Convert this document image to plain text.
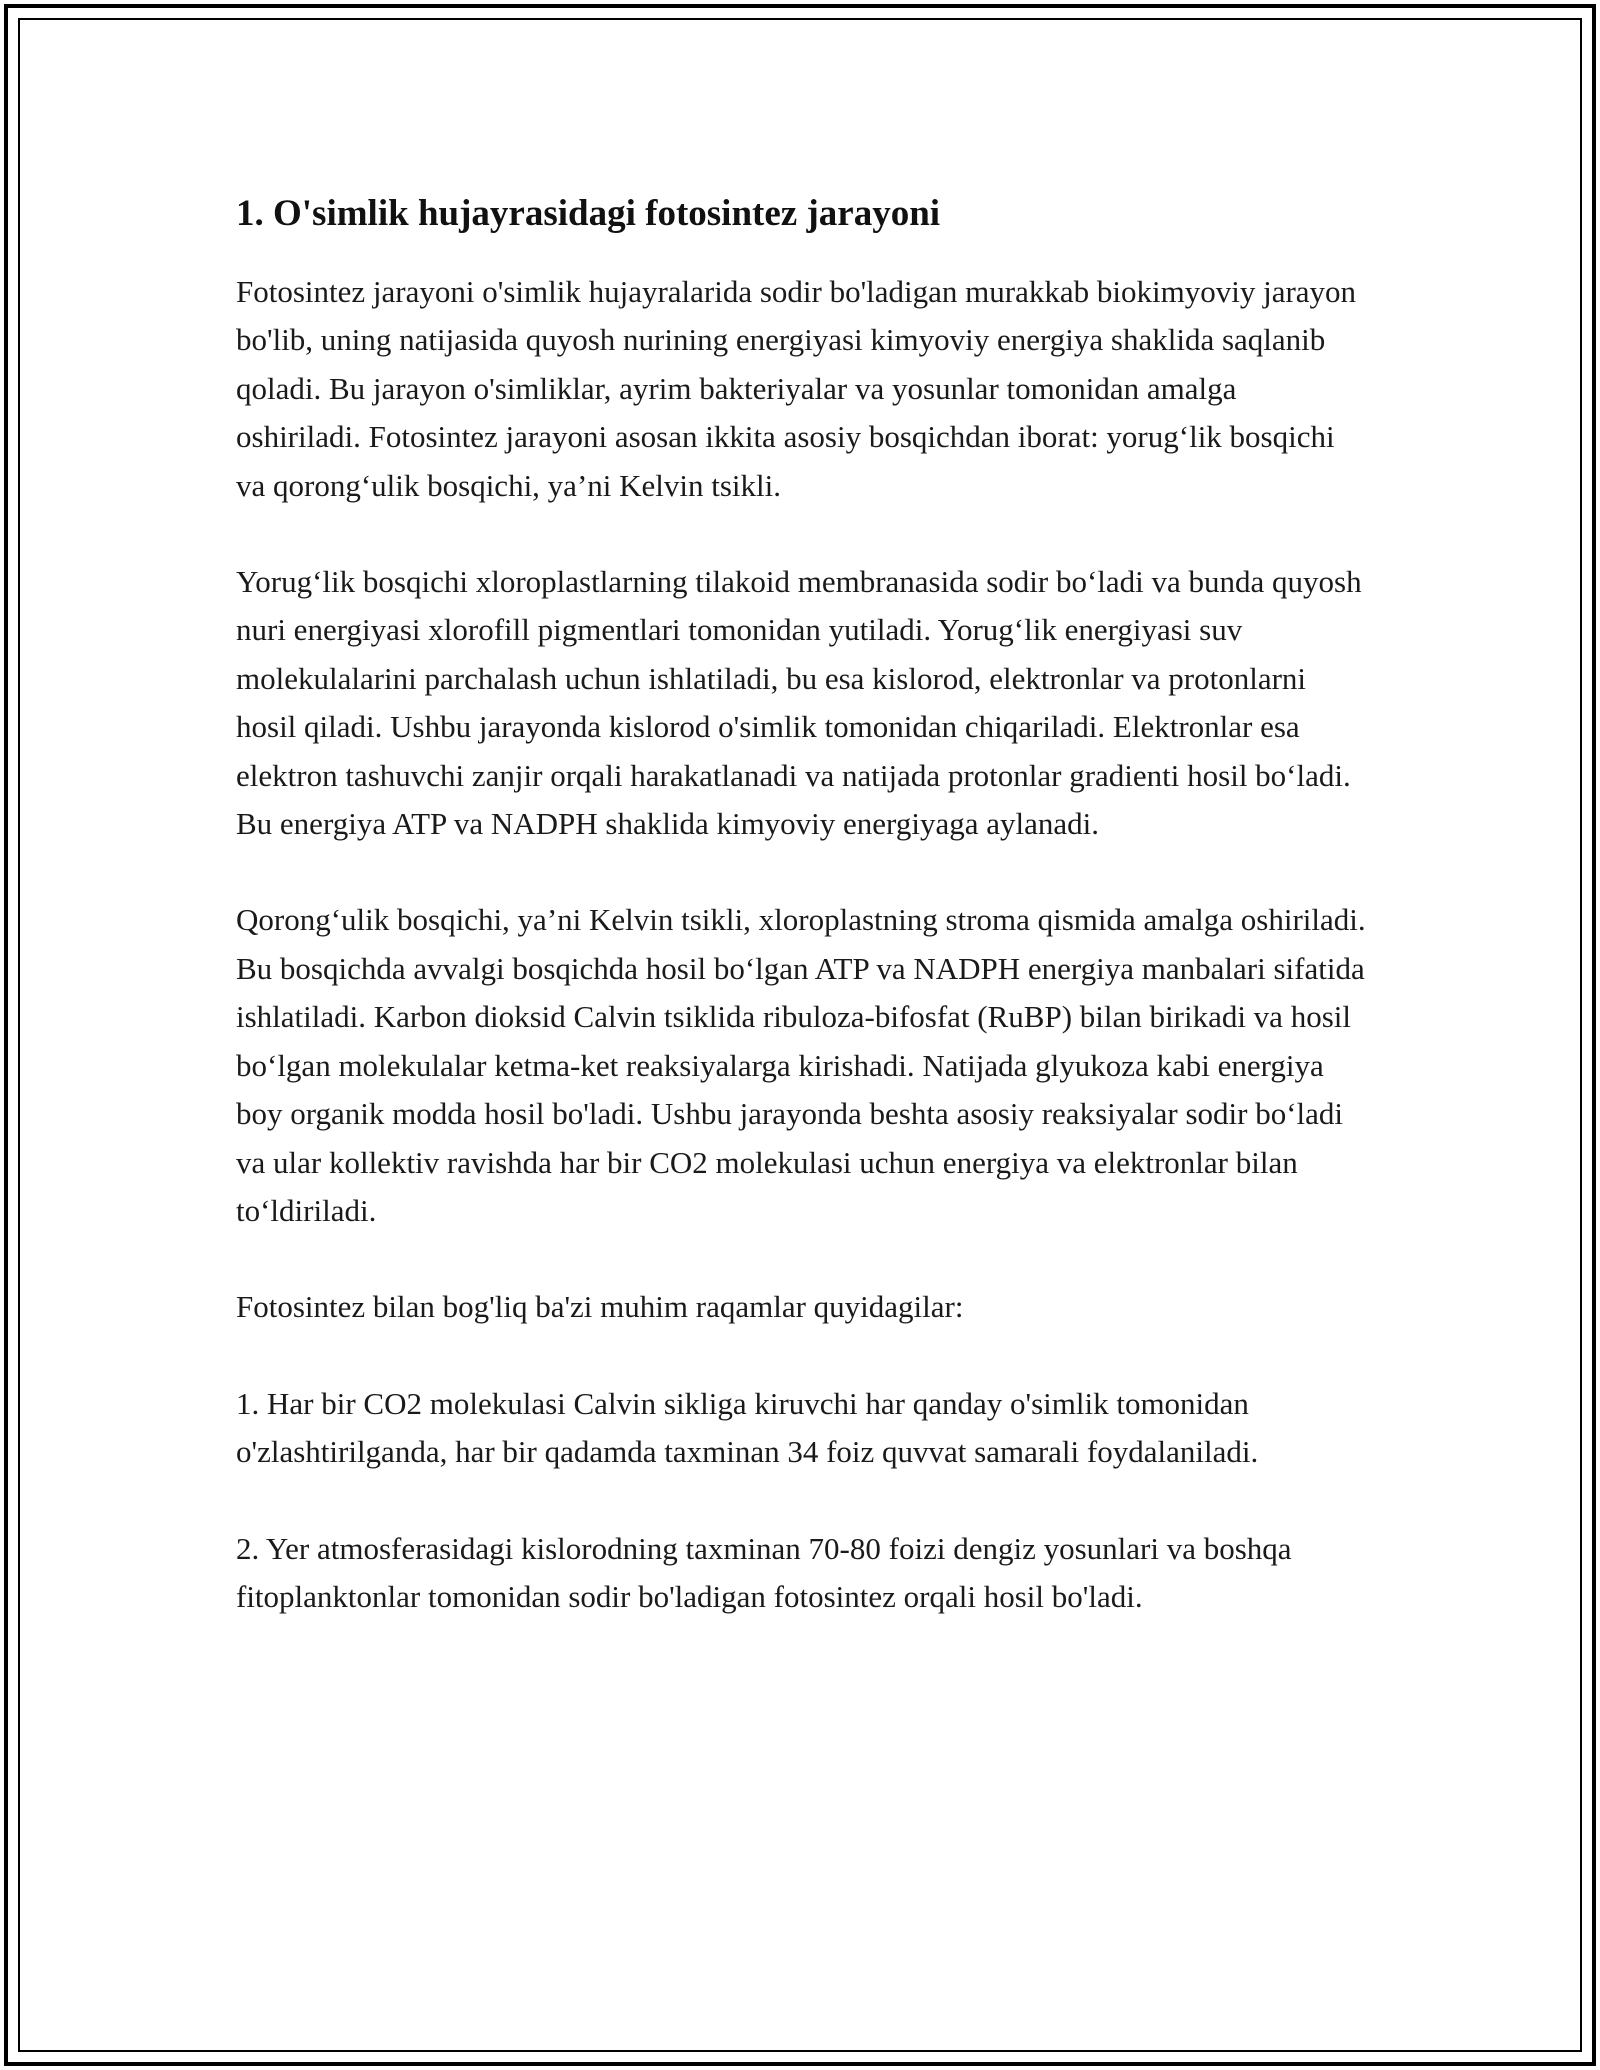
1. O'simlik hujayrasidagi fotosintez jarayoni

Fotosintez jarayoni o'simlik hujayralarida sodir bo'ladigan murakkab biokimyoviy jarayon bo'lib, uning natijasida quyosh nurining energiyasi kimyoviy energiya shaklida saqlanib qoladi. Bu jarayon o'simliklar, ayrim bakteriyalar va yosunlar tomonidan amalga oshiriladi. Fotosintez jarayoni asosan ikkita asosiy bosqichdan iborat: yorug‘lik bosqichi va qorong‘ulik bosqichi, ya’ni Kelvin tsikli.

Yorug‘lik bosqichi xloroplastlarning tilakoid membranasida sodir bo‘ladi va bunda quyosh nuri energiyasi xlorofill pigmentlari tomonidan yutiladi. Yorug‘lik energiyasi suv molekulalarini parchalash uchun ishlatiladi, bu esa kislorod, elektronlar va protonlarni hosil qiladi. Ushbu jarayonda kislorod o'simlik tomonidan chiqariladi. Elektronlar esa elektron tashuvchi zanjir orqali harakatlanadi va natijada protonlar gradienti hosil bo‘ladi. Bu energiya ATP va NADPH shaklida kimyoviy energiyaga aylanadi.

Qorong‘ulik bosqichi, ya’ni Kelvin tsikli, xloroplastning stroma qismida amalga oshiriladi. Bu bosqichda avvalgi bosqichda hosil bo‘lgan ATP va NADPH energiya manbalari sifatida ishlatiladi. Karbon dioksid Calvin tsiklida ribuloza-bifosfat (RuBP) bilan birikadi va hosil bo‘lgan molekulalar ketma-ket reaksiyalarga kirishadi. Natijada glyukoza kabi energiya boy organik modda hosil bo'ladi. Ushbu jarayonda beshta asosiy reaksiyalar sodir bo‘ladi va ular kollektiv ravishda har bir CO2 molekulasi uchun energiya va elektronlar bilan to‘ldiriladi.

Fotosintez bilan bog'liq ba'zi muhim raqamlar quyidagilar:

1. Har bir CO2 molekulasi Calvin sikliga kiruvchi har qanday o'simlik tomonidan o'zlashtirilganda, har bir qadamda taxminan 34 foiz quvvat samarali foydalaniladi.

2. Yer atmosferasidagi kislorodning taxminan 70-80 foizi dengiz yosunlari va boshqa fitoplanktonlar tomonidan sodir bo'ladigan fotosintez orqali hosil bo'ladi.
